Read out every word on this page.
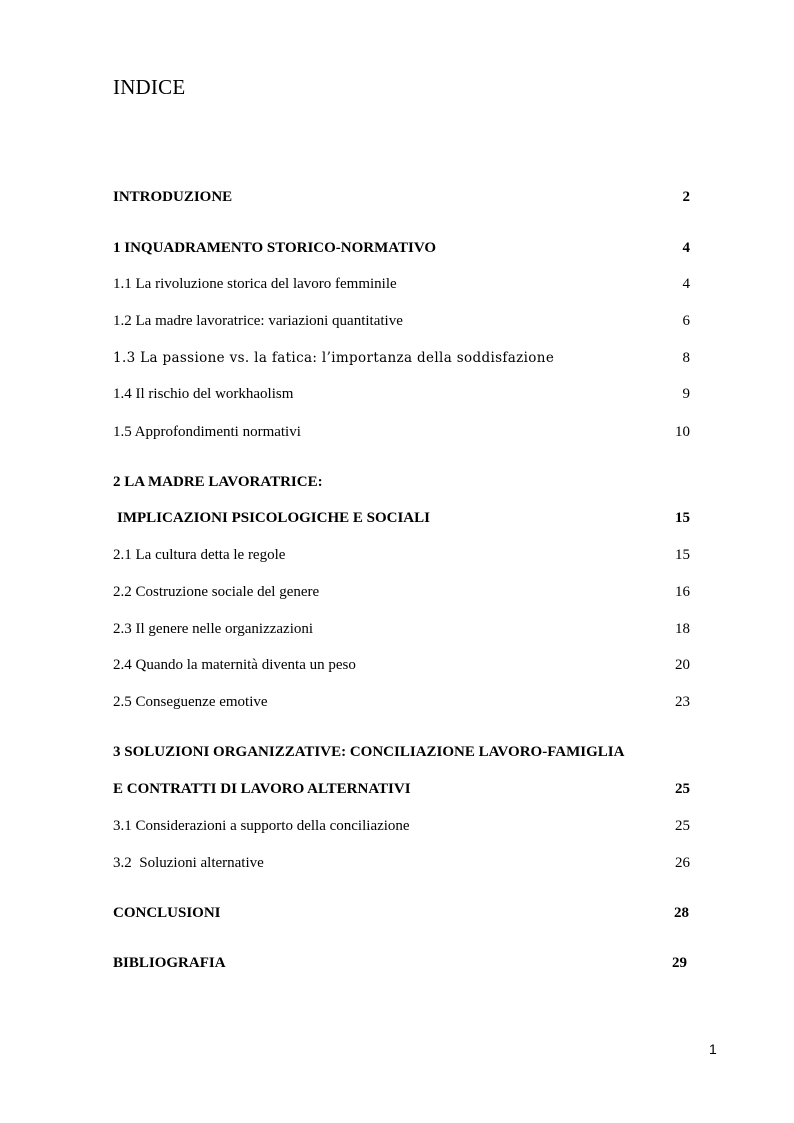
INDICE
INTRODUZIONE	2
1 INQUADRAMENTO STORICO-NORMATIVO	4
1.1 La rivoluzione storica del lavoro femminile	4
1.2 La madre lavoratrice: variazioni quantitative	6
1.3 La passione vs. la fatica: l’importanza della soddisfazione	8
1.4 Il rischio del workhaolism	9
1.5 Approfondimenti normativi	10
2 LA MADRE LAVORATRICE:
IMPLICAZIONI PSICOLOGICHE E SOCIALI	15
2.1 La cultura detta le regole	15
2.2 Costruzione sociale del genere	16
2.3 Il genere nelle organizzazioni	18
2.4 Quando la maternità diventa un peso	20
2.5 Conseguenze emotive	23
3 SOLUZIONI ORGANIZZATIVE: CONCILIAZIONE LAVORO-FAMIGLIA
E CONTRATTI DI LAVORO ALTERNATIVI	25
3.1 Considerazioni a supporto della conciliazione	25
3.2  Soluzioni alternative	26
CONCLUSIONI	28
BIBLIOGRAFIA	29
1
